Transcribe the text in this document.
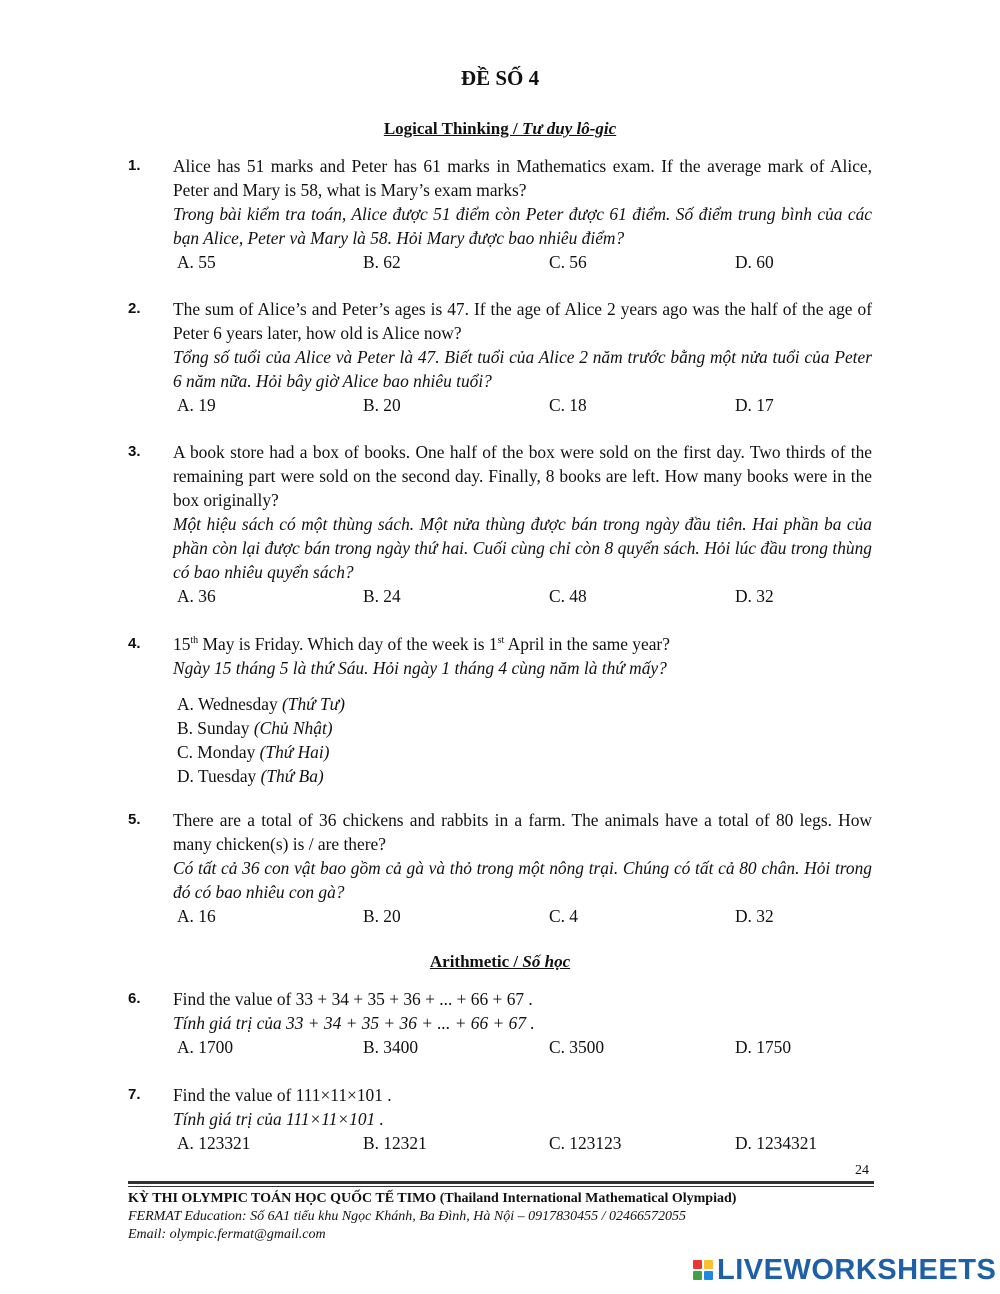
ĐỀ SỐ 4
Logical Thinking / Tư duy lô-gic
1. Alice has 51 marks and Peter has 61 marks in Mathematics exam. If the average mark of Alice, Peter and Mary is 58, what is Mary’s exam marks?
Trong bài kiểm tra toán, Alice được 51 điểm còn Peter được 61 điểm. Số điểm trung bình của các bạn Alice, Peter và Mary là 58. Hỏi Mary được bao nhiêu điểm?
A. 55	B. 62	C. 56	D. 60
2. The sum of Alice’s and Peter’s ages is 47. If the age of Alice 2 years ago was the half of the age of Peter 6 years later, how old is Alice now?
Tổng số tuổi của Alice và Peter là 47. Biết tuổi của Alice 2 năm trước bằng một nửa tuổi của Peter 6 năm nữa. Hỏi bây giờ Alice bao nhiêu tuổi?
A. 19	B. 20	C. 18	D. 17
3. A book store had a box of books. One half of the box were sold on the first day. Two thirds of the remaining part were sold on the second day. Finally, 8 books are left. How many books were in the box originally?
Một hiệu sách có một thùng sách. Một nửa thùng được bán trong ngày đầu tiên. Hai phần ba của phần còn lại được bán trong ngày thứ hai. Cuối cùng chỉ còn 8 quyển sách. Hỏi lúc đầu trong thùng có bao nhiêu quyển sách?
A. 36	B. 24	C. 48	D. 32
4. 15th May is Friday. Which day of the week is 1st April in the same year?
Ngày 15 tháng 5 là thứ Sáu. Hỏi ngày 1 tháng 4 cùng năm là thứ mấy?
A. Wednesday (Thứ Tư)
B. Sunday (Chủ Nhật)
C. Monday (Thứ Hai)
D. Tuesday (Thứ Ba)
5. There are a total of 36 chickens and rabbits in a farm. The animals have a total of 80 legs. How many chicken(s) is / are there?
Có tất cả 36 con vật bao gồm cả gà và thỏ trong một nông trại. Chúng có tất cả 80 chân. Hỏi trong đó có bao nhiêu con gà?
A. 16	B. 20	C. 4	D. 32
Arithmetic / Số học
6. Find the value of 33 + 34 + 35 + 36 + ... + 66 + 67 .
Tính giá trị của 33 + 34 + 35 + 36 + ... + 66 + 67 .
A. 1700	B. 3400	C. 3500	D. 1750
7. Find the value of 111×11×101 .
Tính giá trị của 111×11×101 .
A. 123321	B. 12321	C. 123123	D. 1234321
24
KỲ THI OLYMPIC TOÁN HỌC QUỐC TẾ TIMO (Thailand International Mathematical Olympiad)
FERMAT Education: Số 6A1 tiểu khu Ngọc Khánh, Ba Đình, Hà Nội – 0917830455 / 02466572055
Email: olympic.fermat@gmail.com
LIVEWORKSHEETS
